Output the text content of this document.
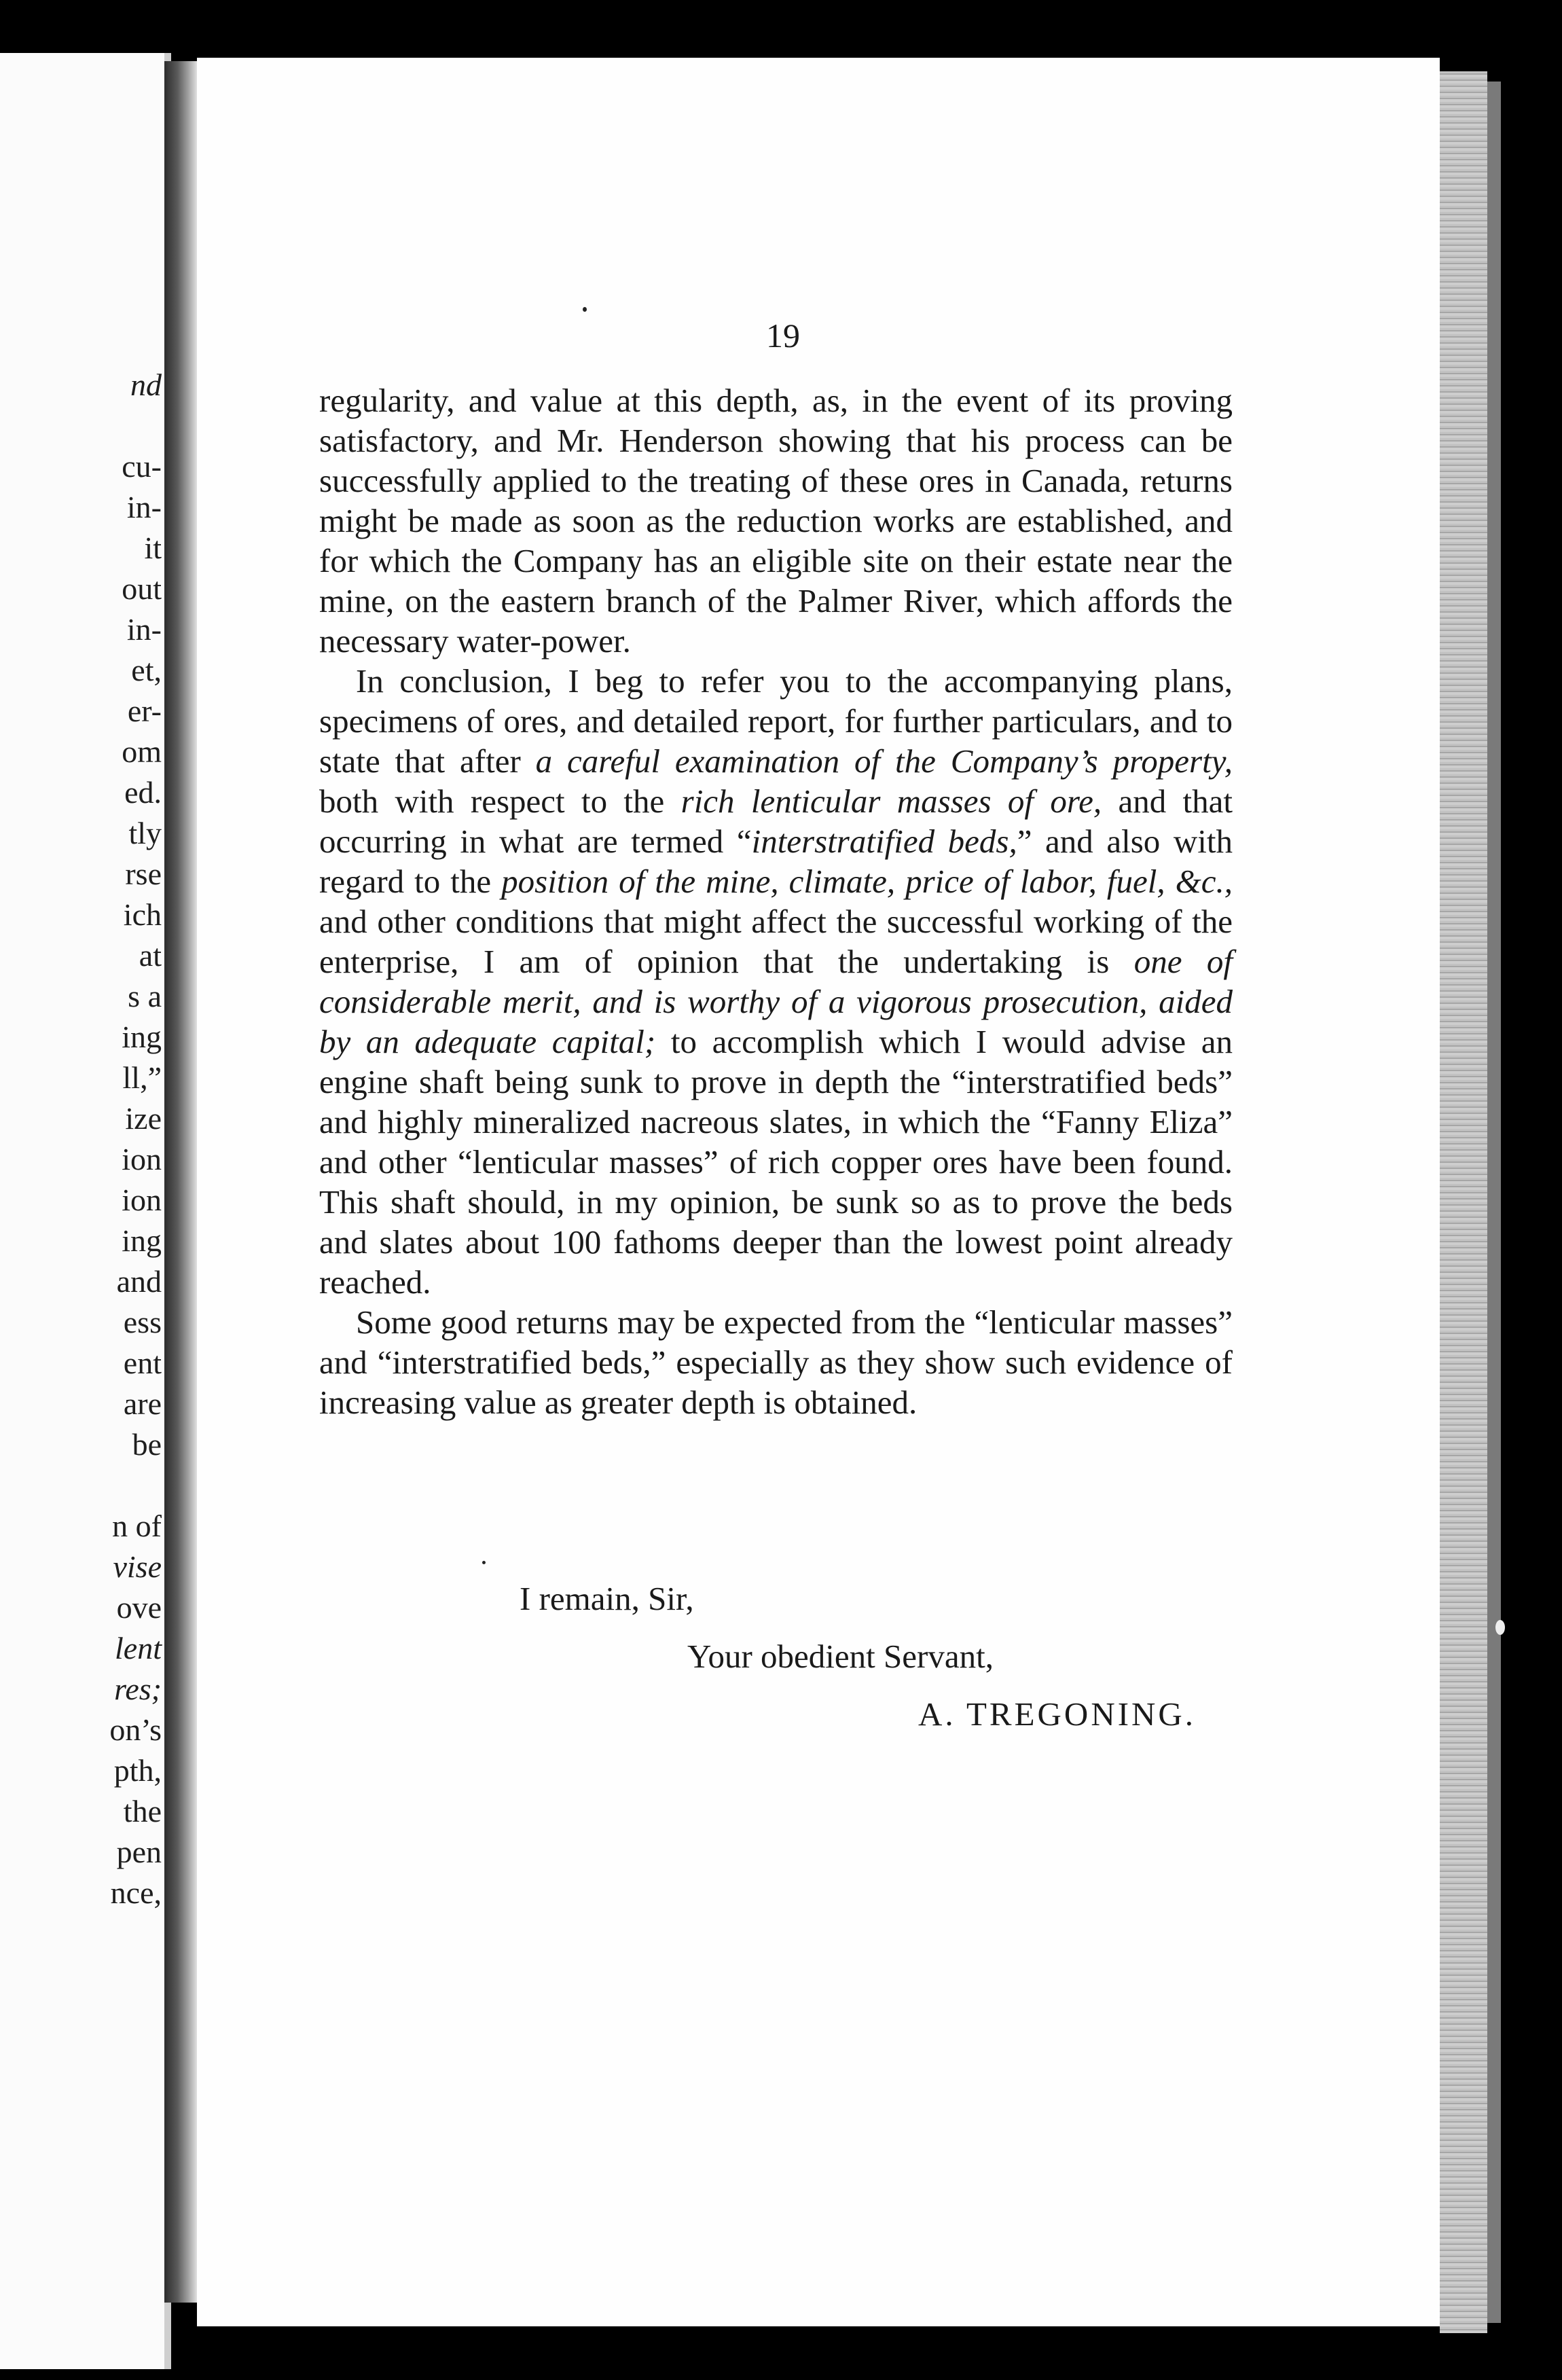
nd
cu-
in-
it
out
in-
et,
er-
om
ed.
tly
rse
ich
at
s a
ing
ll,”
ize
ion
ion
ing
and
ess
ent
are
be
n of
vise
ove
lent
res;
on’s
pth,
the
pen
nce,
19

regularity, and value at this depth, as, in the event of its proving satisfactory, and Mr. Henderson showing that his process can be successfully applied to the treating of these ores in Canada, returns might be made as soon as the reduction works are established, and for which the Company has an eligible site on their estate near the mine, on the eastern branch of the Palmer River, which affords the necessary water-power.

In conclusion, I beg to refer you to the accompanying plans, specimens of ores, and detailed report, for further particulars, and to state that after a careful examination of the Company’s property, both with respect to the rich lenticular masses of ore, and that occurring in what are termed “interstratified beds,” and also with regard to the position of the mine, climate, price of labor, fuel, &c., and other conditions that might affect the successful working of the enterprise, I am of opinion that the undertaking is one of considerable merit, and is worthy of a vigorous prosecution, aided by an adequate capital; to accomplish which I would advise an engine shaft being sunk to prove in depth the “interstratified beds” and highly mineralized nacreous slates, in which the “Fanny Eliza” and other “lenticular masses” of rich copper ores have been found. This shaft should, in my opinion, be sunk so as to prove the beds and slates about 100 fathoms deeper than the lowest point already reached.

Some good returns may be expected from the “lenticular masses” and “interstratified beds,” especially as they show such evidence of increasing value as greater depth is obtained.

I remain, Sir,
Your obedient Servant,
A. TREGONING.
